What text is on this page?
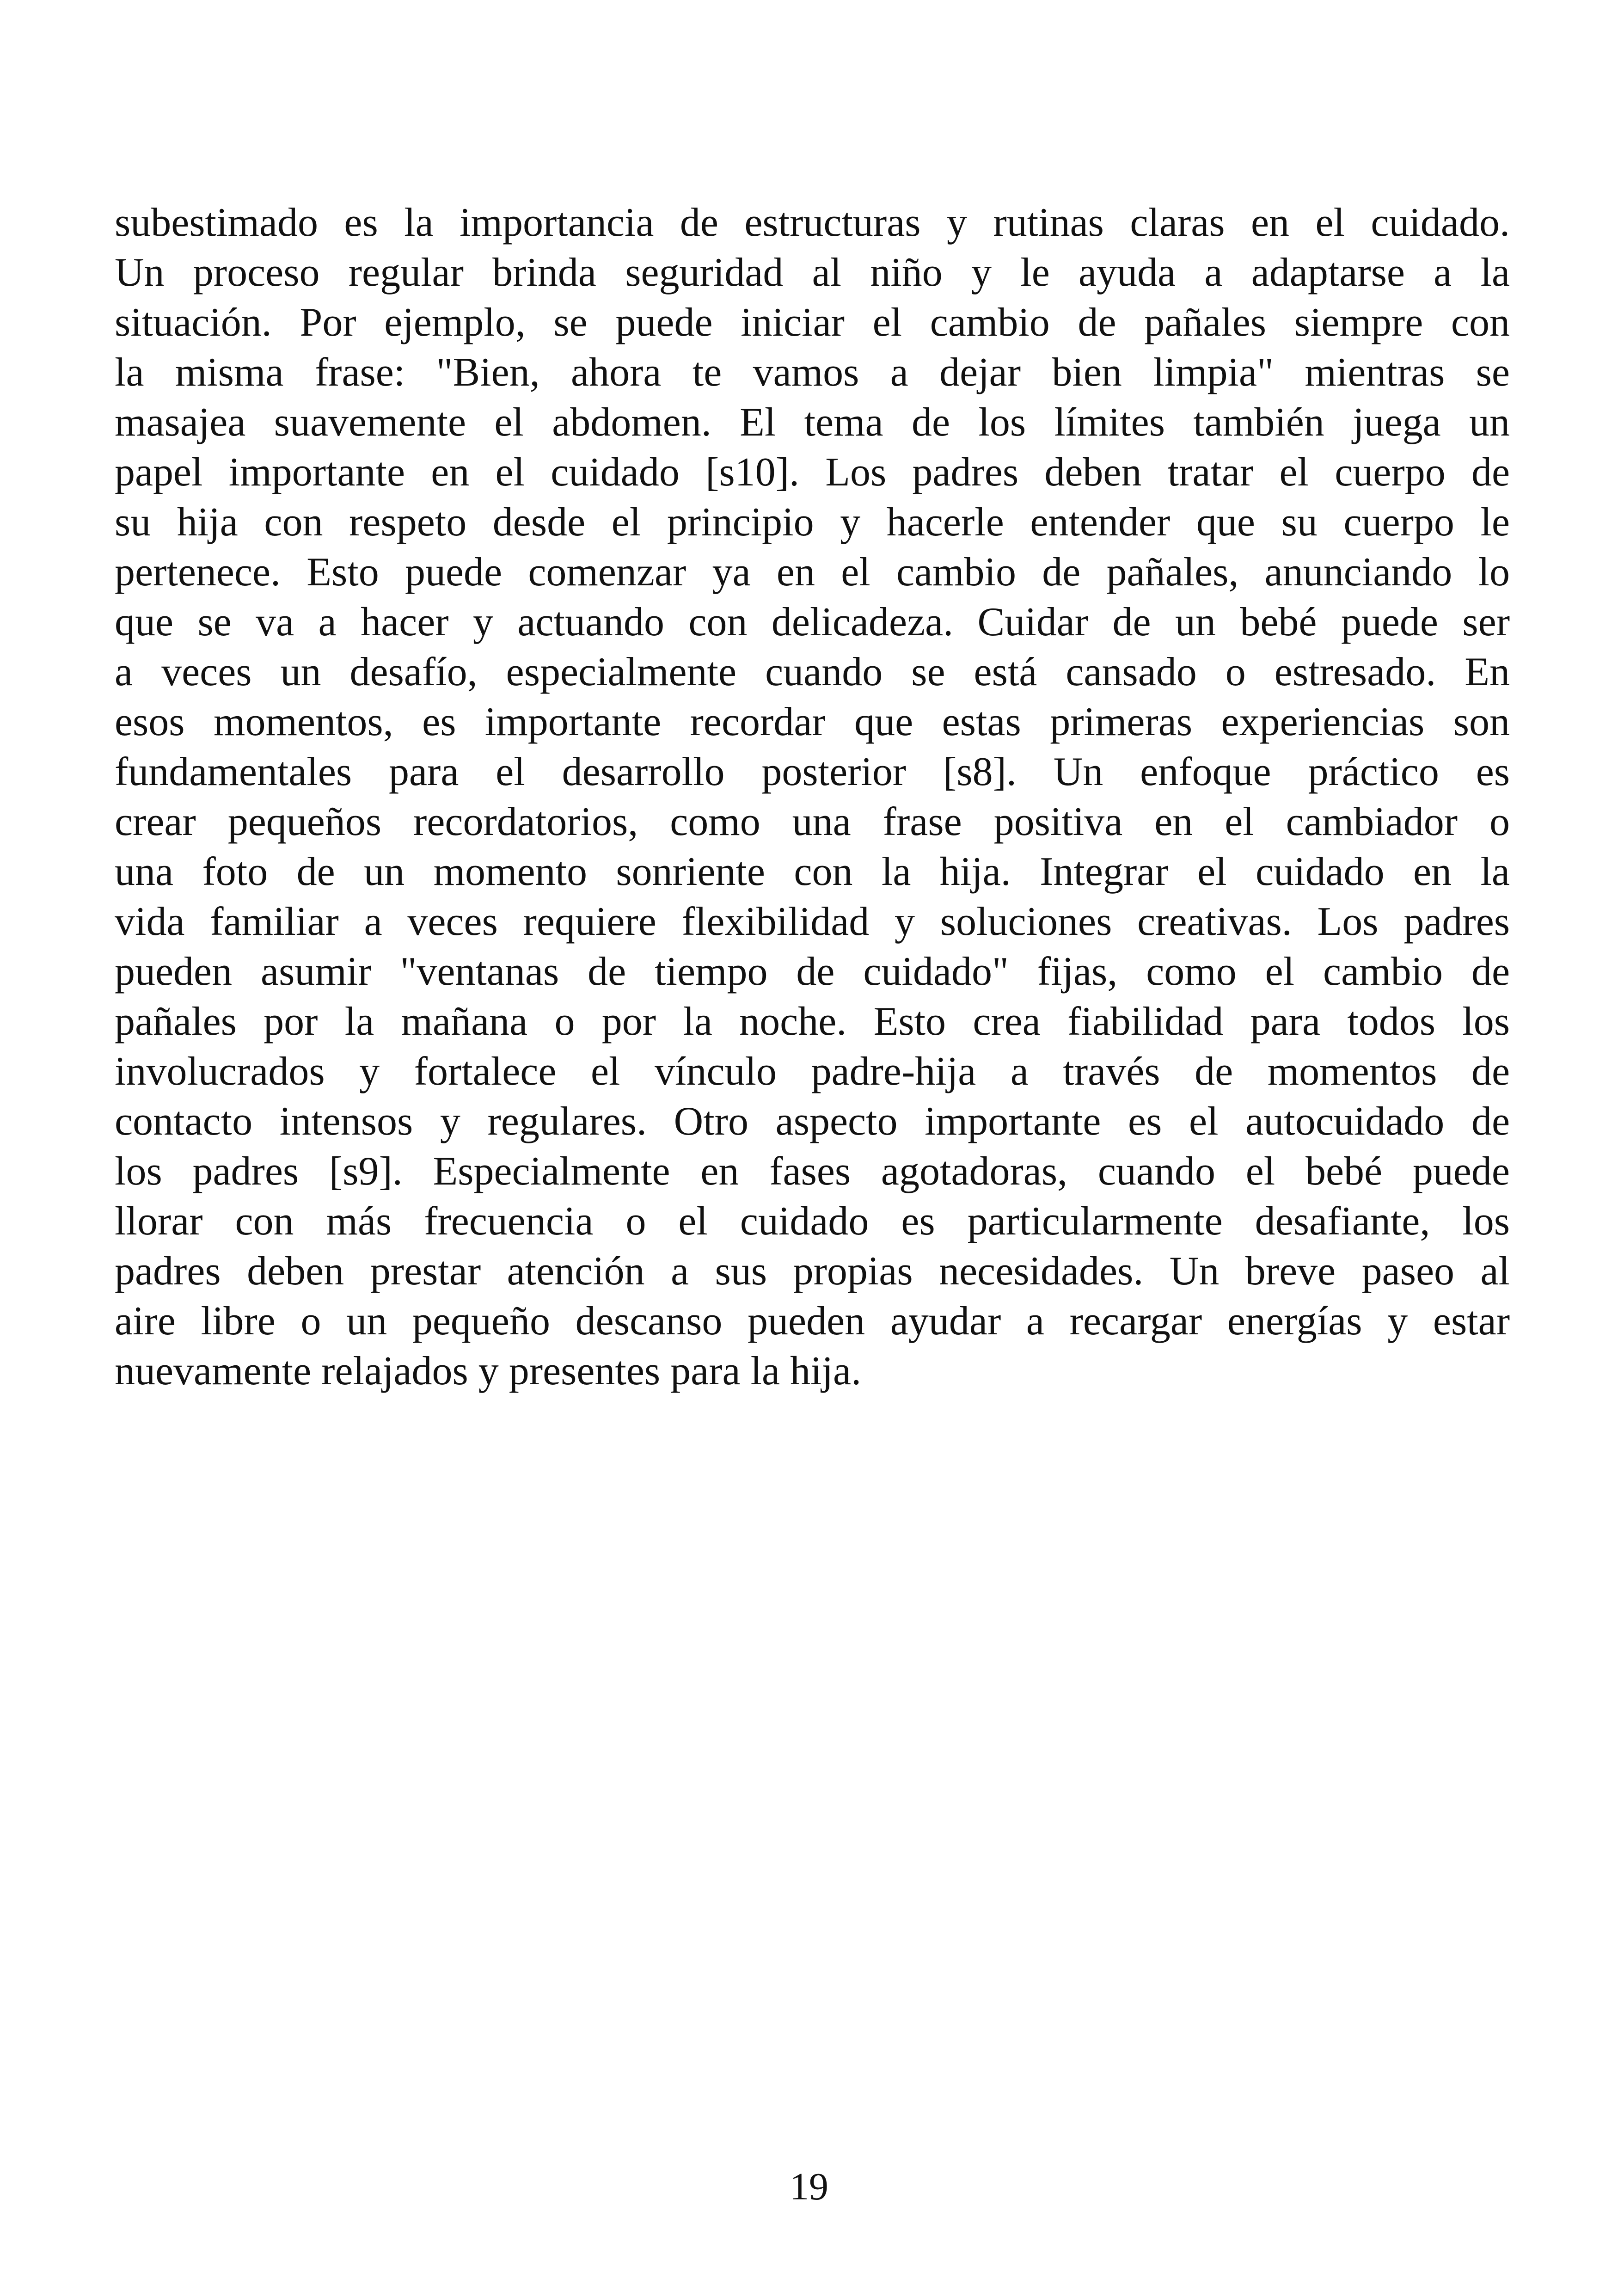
subestimado es la importancia de estructuras y rutinas claras en el cuidado.
Un proceso regular brinda seguridad al niño y le ayuda a adaptarse a la
situación. Por ejemplo, se puede iniciar el cambio de pañales siempre con
la misma frase: "Bien, ahora te vamos a dejar bien limpia" mientras se
masajea suavemente el abdomen. El tema de los límites también juega un
papel importante en el cuidado [s10]. Los padres deben tratar el cuerpo de
su hija con respeto desde el principio y hacerle entender que su cuerpo le
pertenece. Esto puede comenzar ya en el cambio de pañales, anunciando lo
que se va a hacer y actuando con delicadeza. Cuidar de un bebé puede ser
a veces un desafío, especialmente cuando se está cansado o estresado. En
esos momentos, es importante recordar que estas primeras experiencias son
fundamentales para el desarrollo posterior [s8]. Un enfoque práctico es
crear pequeños recordatorios, como una frase positiva en el cambiador o
una foto de un momento sonriente con la hija. Integrar el cuidado en la
vida familiar a veces requiere flexibilidad y soluciones creativas. Los padres
pueden asumir "ventanas de tiempo de cuidado" fijas, como el cambio de
pañales por la mañana o por la noche. Esto crea fiabilidad para todos los
involucrados y fortalece el vínculo padre-hija a través de momentos de
contacto intensos y regulares. Otro aspecto importante es el autocuidado de
los padres [s9]. Especialmente en fases agotadoras, cuando el bebé puede
llorar con más frecuencia o el cuidado es particularmente desafiante, los
padres deben prestar atención a sus propias necesidades. Un breve paseo al
aire libre o un pequeño descanso pueden ayudar a recargar energías y estar
nuevamente relajados y presentes para la hija.

19
